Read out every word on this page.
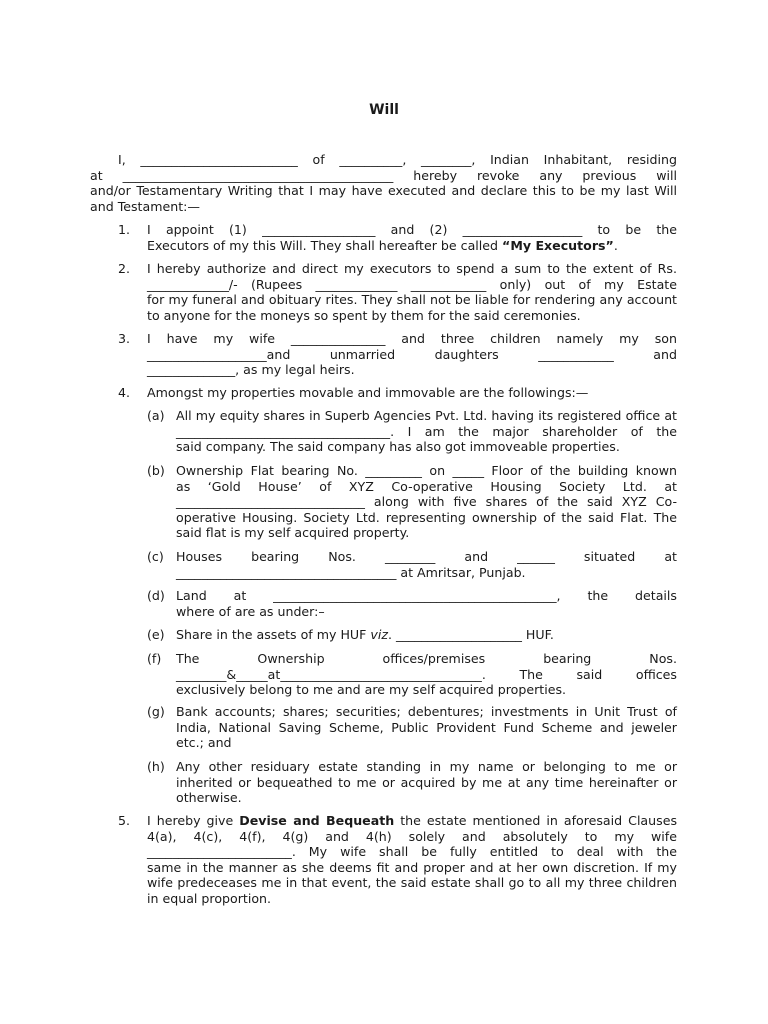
Will
I, _________________________ of __________, ________, Indian Inhabitant, residing
at ___________________________________________ hereby revoke any previous will
and/or Testamentary Writing that I may have executed and declare this to be my last Will
and Testament:—
1. I appoint (1) __________________ and (2) ___________________ to be the
Executors of my this Will. They shall hereafter be called “My Executors”.
2. I hereby authorize and direct my executors to spend a sum to the extent of Rs.
_____________/- (Rupees _____________ ____________ only) out of my Estate
for my funeral and obituary rites. They shall not be liable for rendering any account
to anyone for the moneys so spent by them for the said ceremonies.
3. I have my wife _______________ and three children namely my son
___________________and unmarried daughters ____________ and
______________, as my legal heirs.
4. Amongst my properties movable and immovable are the followings:—
(a) All my equity shares in Superb Agencies Pvt. Ltd. having its registered office at
__________________________________. I am the major shareholder of the
said company. The said company has also got immoveable properties.
(b) Ownership Flat bearing No. _________ on _____ Floor of the building known
as ‘Gold House’ of XYZ Co-operative Housing Society Ltd. at
______________________________ along with five shares of the said XYZ Co-
operative Housing. Society Ltd. representing ownership of the said Flat. The
said flat is my self acquired property.
(c) Houses bearing Nos. ________ and ______ situated at
___________________________________ at Amritsar, Punjab.
(d) Land at _____________________________________________, the details
where of are as under:–
(e) Share in the assets of my HUF viz. ____________________ HUF.
(f) The Ownership offices/premises bearing Nos.
________&_____at________________________________. The said offices
exclusively belong to me and are my self acquired properties.
(g) Bank accounts; shares; securities; debentures; investments in Unit Trust of
India, National Saving Scheme, Public Provident Fund Scheme and jeweler
etc.; and
(h) Any other residuary estate standing in my name or belonging to me or
inherited or bequeathed to me or acquired by me at any time hereinafter or
otherwise.
5. I hereby give Devise and Bequeath the estate mentioned in aforesaid Clauses
4(a), 4(c), 4(f), 4(g) and 4(h) solely and absolutely to my wife
_______________________. My wife shall be fully entitled to deal with the
same in the manner as she deems fit and proper and at her own discretion. If my
wife predeceases me in that event, the said estate shall go to all my three children
in equal proportion.
